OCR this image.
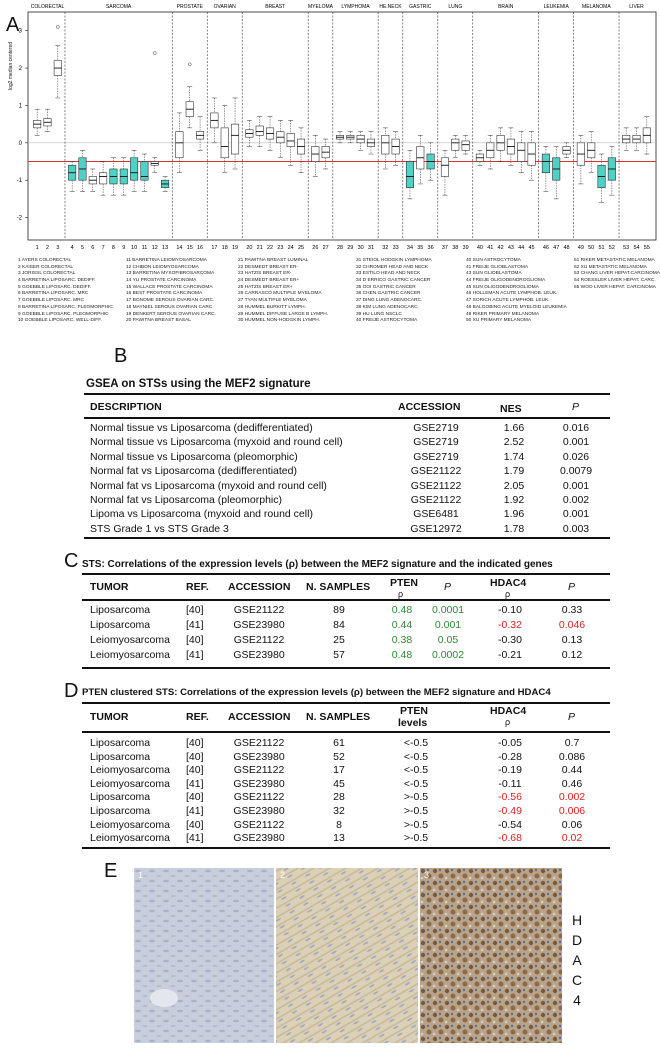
COLORECTAL	SARCOMA	PROSTATE OVARIAN	BREAST	MYELOMA LYMPHOMA HE.NECK GASTRIC	LUNG	BRAIN	LEUKEMIA	MELANOMA	LIVER
-2
-1
0
1
2
3
1 2 3 4 5 6 7 8 9 10 11 12 13 14 15 16 17 18 19 20 21 22 23 24 25 26 27 28 29 30 31 32 33 34 35 36 37 38 39 40 41 42 43 44 45 46 47 48 49 50 51 52 53 54 55
A
log2 median centered
1 AYERS COLORECTAL
2 KAISER COLORECTAL
3 JORISSL COLORECTAL
4 BARRETINA LIPOSARC. DEDIFF.
5 GOEBBLE LIPOSARC. DEDIFF.
6 BARRETINA LIPOSARC. MRC
7 GOEBBLE LIPOSARC. MRC
8 BARRETINA LIPOSARC. PLEOMORPHIC
9 GOEBBLE LIPOSARC. PLEOMORPHIC
10 GOEBBLE LIPOSARC. WELL-DIFF.
11 BARRETINA LEIOMYOSARCOMA
12 CHIBON LEIOMYOSARCOMA
13 BARRETINA MYXOFIBROSARCOMA
14 YU PROSTATE CARCINOMA
15 WALLACE PROSTATE CARCINOMA
16 BEST PROSTATE CARCINOMA
17 BONOME SEROUS OVARIAN CARC.
18 MAYNIEL SEROUS OVARIAN CARC.
19 DENKERT SEROUS OVARIAN CARC.
20 PAWITNA BREAST BASAL
21 PAWITNA BREAST LUMINAL
22 DESMEDT BREAST ER-
23 HATZIS BREAST ER-
24 DESMEDT BREAST ER+
25 HATZIS BREAST ER+
26 CARRASCO MULTIPLE MYELOMA
27 TYAN MULTIPLE MYELOMA
28 HUMMEL BURKITT LYMPH.
29 HUMMEL DIFFUSE LARGE B LYMPH.
30 HUMMEL NON-HODGKIN LYMPH.
31 STEIOL HODGKIN LYMPHOMA
32 CHROMER HEAD AND NECK
33 ESTILO HEAD AND NECK
34 D ERRICO GASTRIC CANCER
35 OOI GASTRIC CANCER
36 CHEN GASTRIC CANCER
37 DING LUNG ADENOCARC.
38 KIM LUNG ADENOCARC.
39 HU LUNG NSCLC
40 FREIJE ASTROCYTOMA
40 SUN ASTROCYTOMA
41 FREIJE GLIOBLASTOMA
43 SUN GLIOBLASTOMA
44 FREIJE OLIGODENDROGLIOMA
45 SUN OLIGODENDROGLIOMA
46 HOLLEMAN ACUTE LYMPHOB. LEUK.
47 SORICH ACUTE LYMPHOB. LEUK.
48 BALGOBING ACUTE MYELOID LEUKEMIA
49 RIKER PRIMARY MELANOMA
50 XU PRIMARY MELANOMA
51 RIKER METASTATIC MELANOMA
52 XU METASTATIC MELANOMA
53 CHANG LIVER HEPAT.CARCINOMA
54 ROESSLER LIVER HEPAT. CARC.
55 WOO LIVER HEPAT. CARCINOMA
B
GSEA on STSs using the MEF2 signature
DESCRIPTION	ACCESSION	NES	P
Normal tissue vs Liposarcoma (dedifferentiated)	GSE2719	1.66	0.016
Normal tissue vs Liposarcoma (myxoid and round cell)	GSE2719	2.52	0.001
Normal tissue vs Liposarcoma (pleomorphic)	GSE2719	1.74	0.026
Normal fat vs Liposarcoma (dedifferentiated)	GSE21122	1.79	0.0079
Normal fat vs Liposarcoma (myxoid and round cell)	GSE21122	2.05	0.001
Normal fat vs Liposarcoma (pleomorphic)	GSE21122	1.92	0.002
Lipoma vs Liposarcoma (myxoid and round cell)	GSE6481	1.96	0.001
STS Grade 1 vs STS Grade 3	GSE12972	1.78	0.003
C STS: Correlations of the expression levels (ρ) between the MEF2 signature and the indicated genes
TUMOR	REF. ACCESSION N. SAMPLES PTEN
ρ
P	HDAC4
ρ
P
Liposarcoma	[40]	GSE21122	89	0.48	0.0001	-0.10	0.33
Liposarcoma	[41]	GSE23980	84	0.44	0.001	-0.32	0.046
Leiomyosarcoma [40]	GSE21122	25	0.38	0.05	-0.30	0.13
Leiomyosarcoma [41]	GSE23980	57	0.48	0.0002	-0.21	0.12
D PTEN clustered STS: Correlations of the expression levels (ρ) between the MEF2 signature and HDAC4
TUMOR	REF. ACCESSION N. SAMPLES	PTEN
levels
HDAC4
ρ	P
Liposarcoma	[40]	GSE21122	61	<-0.5	-0.05	0.7
Liposarcoma	[40]	GSE23980	52	<-0.5	-0.28	0.086
Leiomyosarcoma [40]	GSE21122	17	<-0.5	-0.19	0.44
Leiomyosarcoma [41]	GSE23980	45	<-0.5	-0.11	0.46
Liposarcoma	[40]	GSE21122	28	>-0.5	-0.56	0.002
Liposarcoma	[41]	GSE23980	32	>-0.5	-0.49	0.006
Leiomyosarcoma [40]	GSE21122	8	>-0.5	-0.54	0.06
Leiomyosarcoma [41]	GSE23980	13	>-0.5	-0.68	0.02
E 1	2	3
H
D
A
C
4
